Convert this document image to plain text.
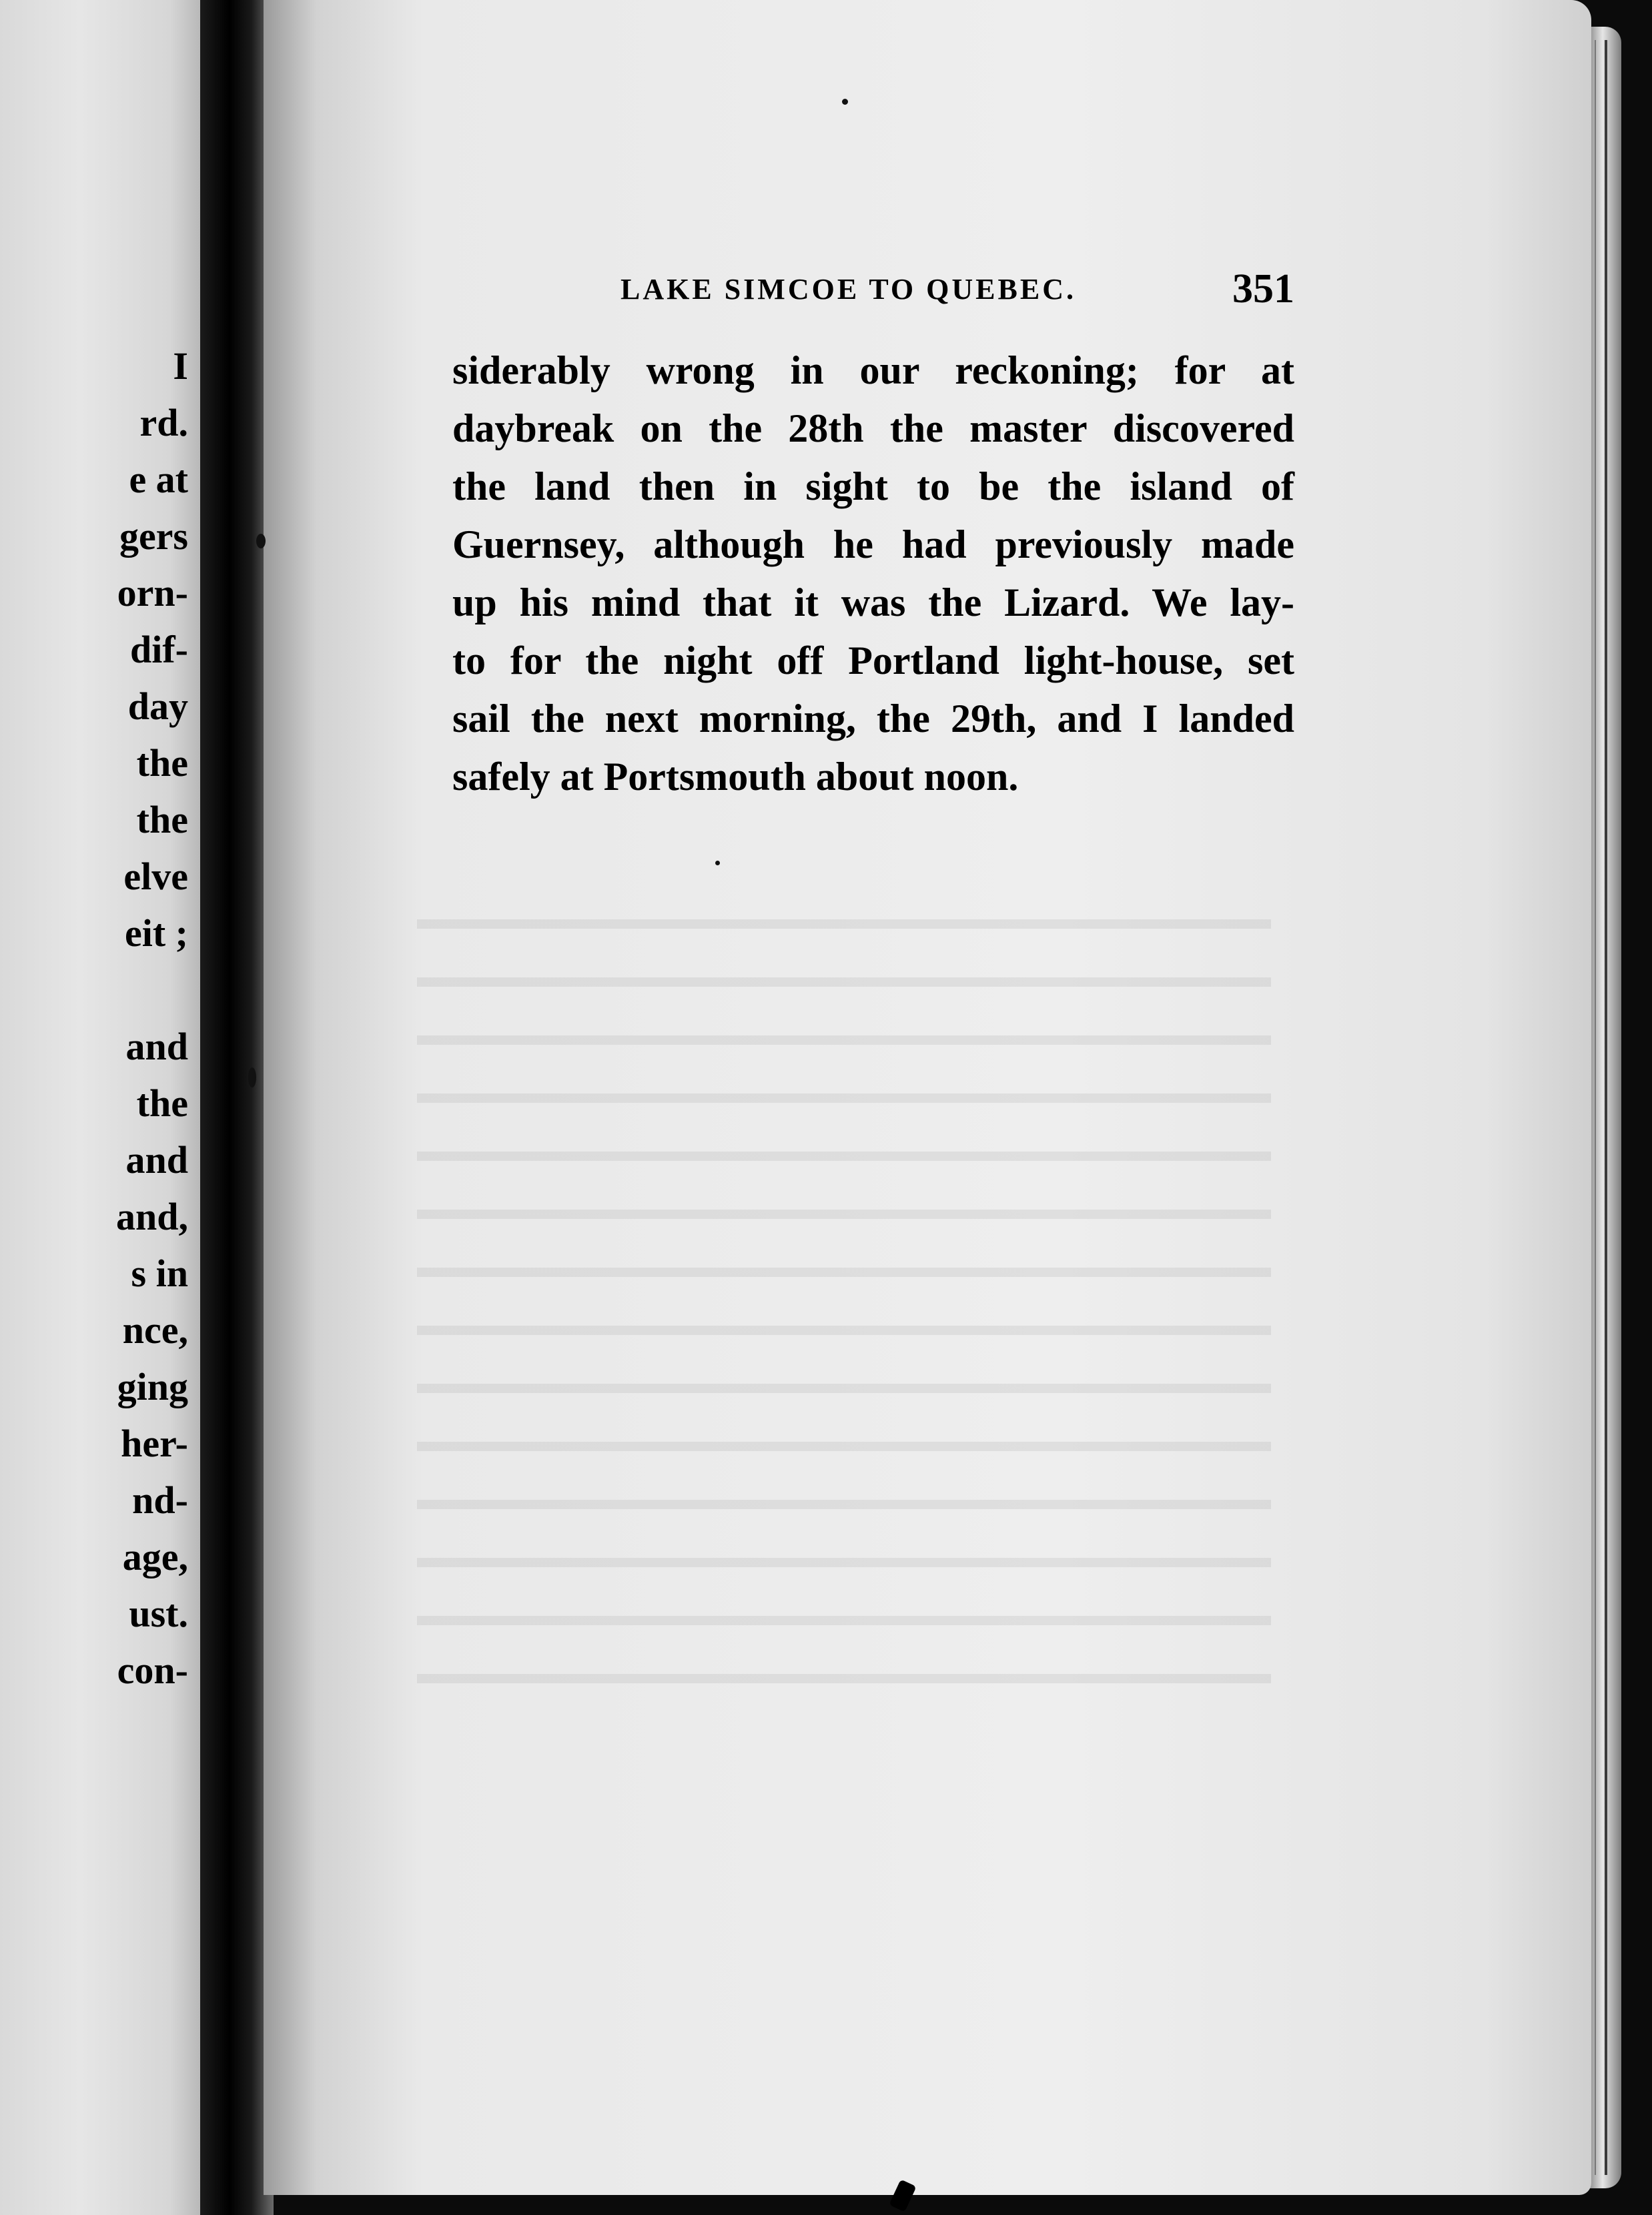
I
rd.
e at
gers
orn-
dif-
day
the
the
elve
eit ;
and
the
and
and,
s in
nce,
ging
her-
nd-
age,
ust.
con-
LAKE SIMCOE TO QUEBEC.	351
siderably wrong in our reckoning; for at
daybreak on the 28th the master discovered
the land then in sight to be the island of
Guernsey, although he had previously made
up his mind that it was the Lizard. We lay-
to for the night off Portland light-house, set
sail the next morning, the 29th, and I landed
safely at Portsmouth about noon.
